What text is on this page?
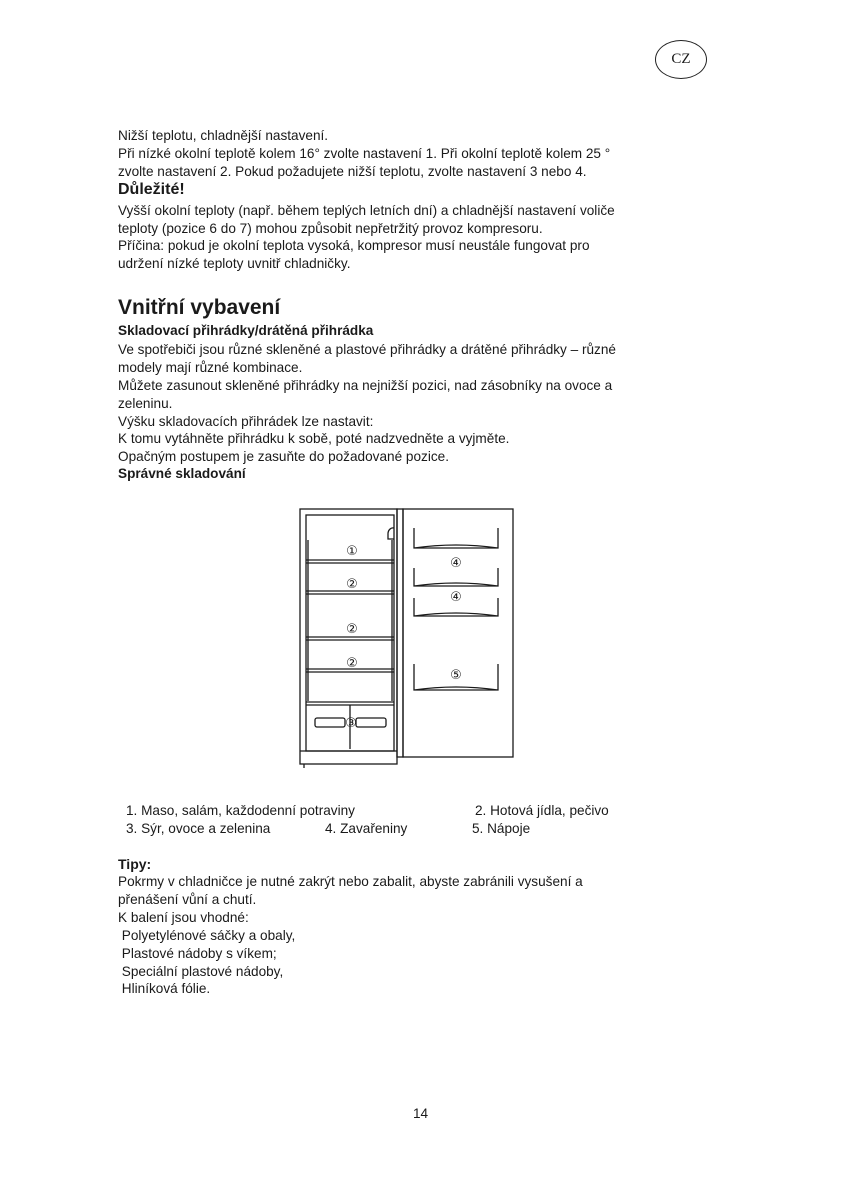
CZ

Nižší teplotu, chladnější nastavení.

Při nízké okolní teplotě kolem 16° zvolte nastavení 1. Při okolní teplotě kolem 25 °

zvolte nastavení 2. Pokud požadujete nižší teplotu, zvolte nastavení 3 nebo 4.

Důležité!

Vyšší okolní teploty (např. během teplých letních dní) a chladnější nastavení voliče

teploty (pozice 6 do 7) mohou způsobit nepřetržitý provoz kompresoru.

Příčina: pokud je okolní teplota vysoká, kompresor musí neustále fungovat pro

udržení nízké teploty uvnitř chladničky.

Vnitřní vybavení
Skladovací přihrádky/drátěná přihrádka

Ve spotřebiči jsou různé skleněné a plastové přihrádky a drátěné přihrádky – různé

modely mají různé kombinace.

Můžete zasunout skleněné přihrádky na nejnižší pozici, nad zásobníky na ovoce a

zeleninu.

Výšku skladovacích přihrádek lze nastavit:

K tomu vytáhněte přihrádku k sobě, poté nadzvedněte a vyjměte.

Opačným postupem je zasuňte do požadované pozice.

Správné skladování
①
②
②
②
③
④
④
⑤
1. Maso, salám, každodenní potraviny	2. Hotová jídla, pečivo
3. Sýr, ovoce a zelenina	4. Zavařeniny	5. Nápoje
Tipy:

Pokrmy v chladničce je nutné zakrýt nebo zabalit, abyste zabránili vysušení a

přenášení vůní a chutí.

K balení jsou vhodné:

Polyetylénové sáčky a obaly,

Plastové nádoby s víkem;

Speciální plastové nádoby,

Hliníková fólie.

14
